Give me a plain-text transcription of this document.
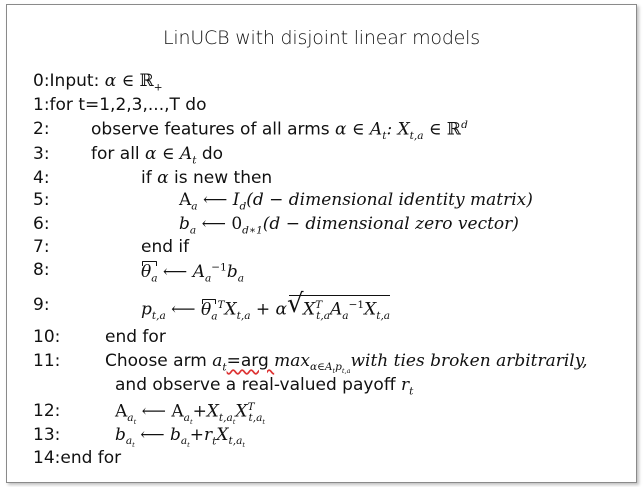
LinUCB with disjoint linear models
0:Input: α ∈ ℝ$_+$
1:for t=1,2,3,...,T do
2: observe features of all arms α ∈ $A_t$: $X_{t,a}$ ∈ ℝ$^d$
3: for all α ∈ $A_t$ do
4:	if α is new then
5:	$A_a$ ⟵ $I_d(d$ − dimensional identity matrix)
6:	$b_a$ ⟵ $0_{d∗1}(d$ − dimensional zero vector)
7:	end if
8:	$\theta_a$ ⟵ $A_a^{-1}b_a$
9:	$p_{t,a}$ ⟵ $\theta_a^TX_{t,a} + \alpha√$ $X^T_{t,a}A_a^{-1}X_{t,a}$
10:	end for
11:	Choose arm $a_t=arg$ $\max_{\alpha\in A_tp_{t,a}}with$ ties broken arbitrarily,
and observe a real-valued payoff $r_t$
12:	$A_{a_t}$ ⟵ $A_{a_t}+X_{t,a_t}X^T_{t,a_t}$
13:	$b_{a_t}$ ⟵ $b_{a_t}+r_tX_{t,a_t}$
14:end for
